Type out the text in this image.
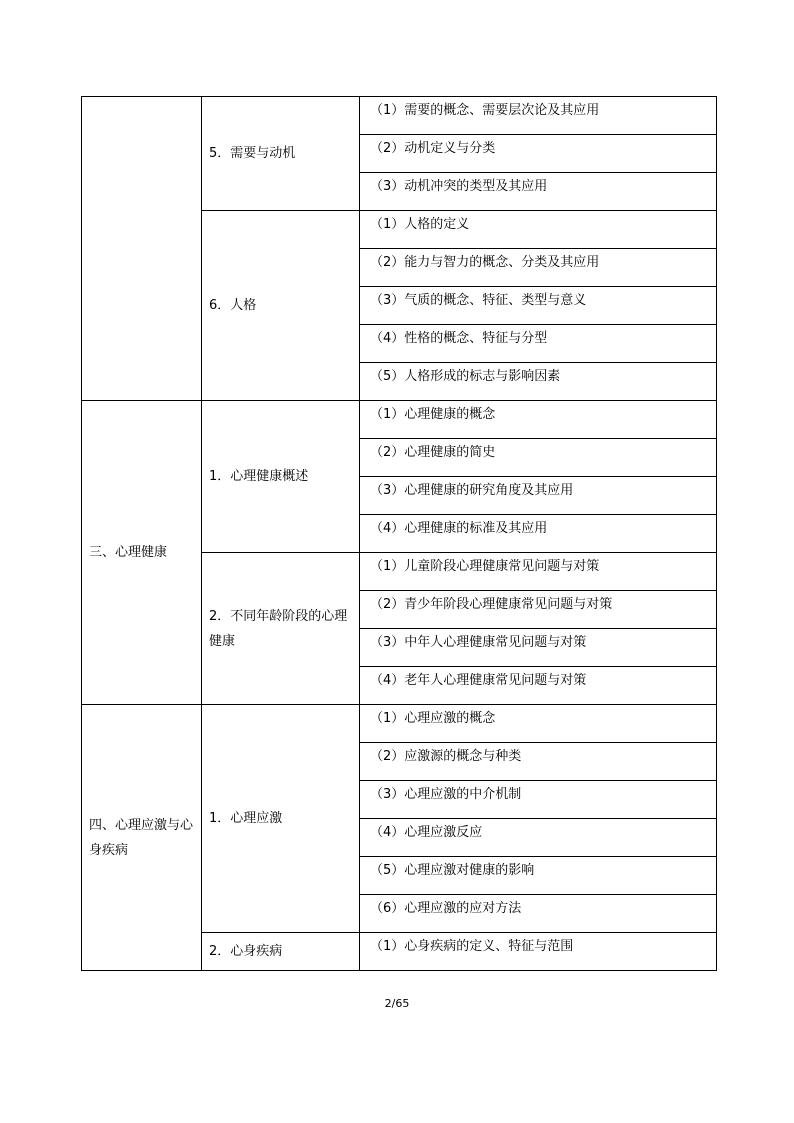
	5．需要与动机	（1）需要的概念、需要层次论及其应用

		（2）动机定义与分类

		（3）动机冲突的类型及其应用

	6．人格	（1）人格的定义

		（2）能力与智力的概念、分类及其应用

		（3）气质的概念、特征、类型与意义

		（4）性格的概念、特征与分型

		（5）人格形成的标志与影响因素

三、心理健康	1．心理健康概述	（1）心理健康的概念

		（2）心理健康的简史

		（3）心理健康的研究角度及其应用

		（4）心理健康的标准及其应用

	2．不同年龄阶段的心理健康	（1）儿童阶段心理健康常见问题与对策

		（2）青少年阶段心理健康常见问题与对策

		（3）中年人心理健康常见问题与对策

		（4）老年人心理健康常见问题与对策

四、心理应激与心身疾病	1．心理应激	（1）心理应激的概念

		（2）应激源的概念与种类

		（3）心理应激的中介机制

		（4）心理应激反应

		（5）心理应激对健康的影响

		（6）心理应激的应对方法

	2．心身疾病	（1）心身疾病的定义、特征与范围
2/65
